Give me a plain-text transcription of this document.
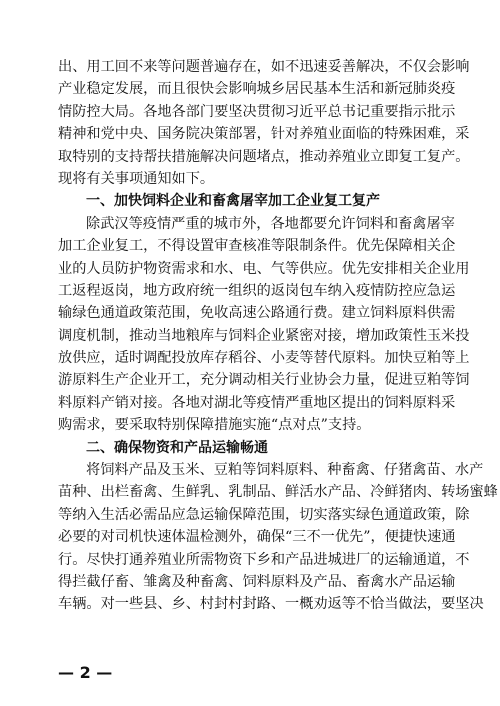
出、用工回不来等问题普遍存在，如不迅速妥善解决，不仅会影响
产业稳定发展，而且很快会影响城乡居民基本生活和新冠肺炎疫
情防控大局。各地各部门要坚决贯彻习近平总书记重要指示批示
精神和党中央、国务院决策部署，针对养殖业面临的特殊困难，采
取特别的支持帮扶措施解决问题堵点，推动养殖业立即复工复产。
现将有关事项通知如下。
一、加快饲料企业和畜禽屠宰加工企业复工复产
除武汉等疫情严重的城市外，各地都要允许饲料和畜禽屠宰
加工企业复工，不得设置审查核准等限制条件。优先保障相关企
业的人员防护物资需求和水、电、气等供应。优先安排相关企业用
工返程返岗，地方政府统一组织的返岗包车纳入疫情防控应急运
输绿色通道政策范围，免收高速公路通行费。建立饲料原料供需
调度机制，推动当地粮库与饲料企业紧密对接，增加政策性玉米投
放供应，适时调配投放库存稻谷、小麦等替代原料。加快豆粕等上
游原料生产企业开工，充分调动相关行业协会力量，促进豆粕等饲
料原料产销对接。各地对湖北等疫情严重地区提出的饲料原料采
购需求，要采取特别保障措施实施“点对点”支持。
二、确保物资和产品运输畅通
将饲料产品及玉米、豆粕等饲料原料、种畜禽、仔猪禽苗、水产
苗种、出栏畜禽、生鲜乳、乳制品、鲜活水产品、冷鲜猪肉、转场蜜蜂
等纳入生活必需品应急运输保障范围，切实落实绿色通道政策，除
必要的对司机快速体温检测外，确保“三不一优先”，便捷快速通
行。尽快打通养殖业所需物资下乡和产品进城进厂的运输通道，不
得拦截仔畜、雏禽及种畜禽、饲料原料及产品、畜禽水产品运输
车辆。对一些县、乡、村封村封路、一概劝返等不恰当做法，要坚决
— 2 —
